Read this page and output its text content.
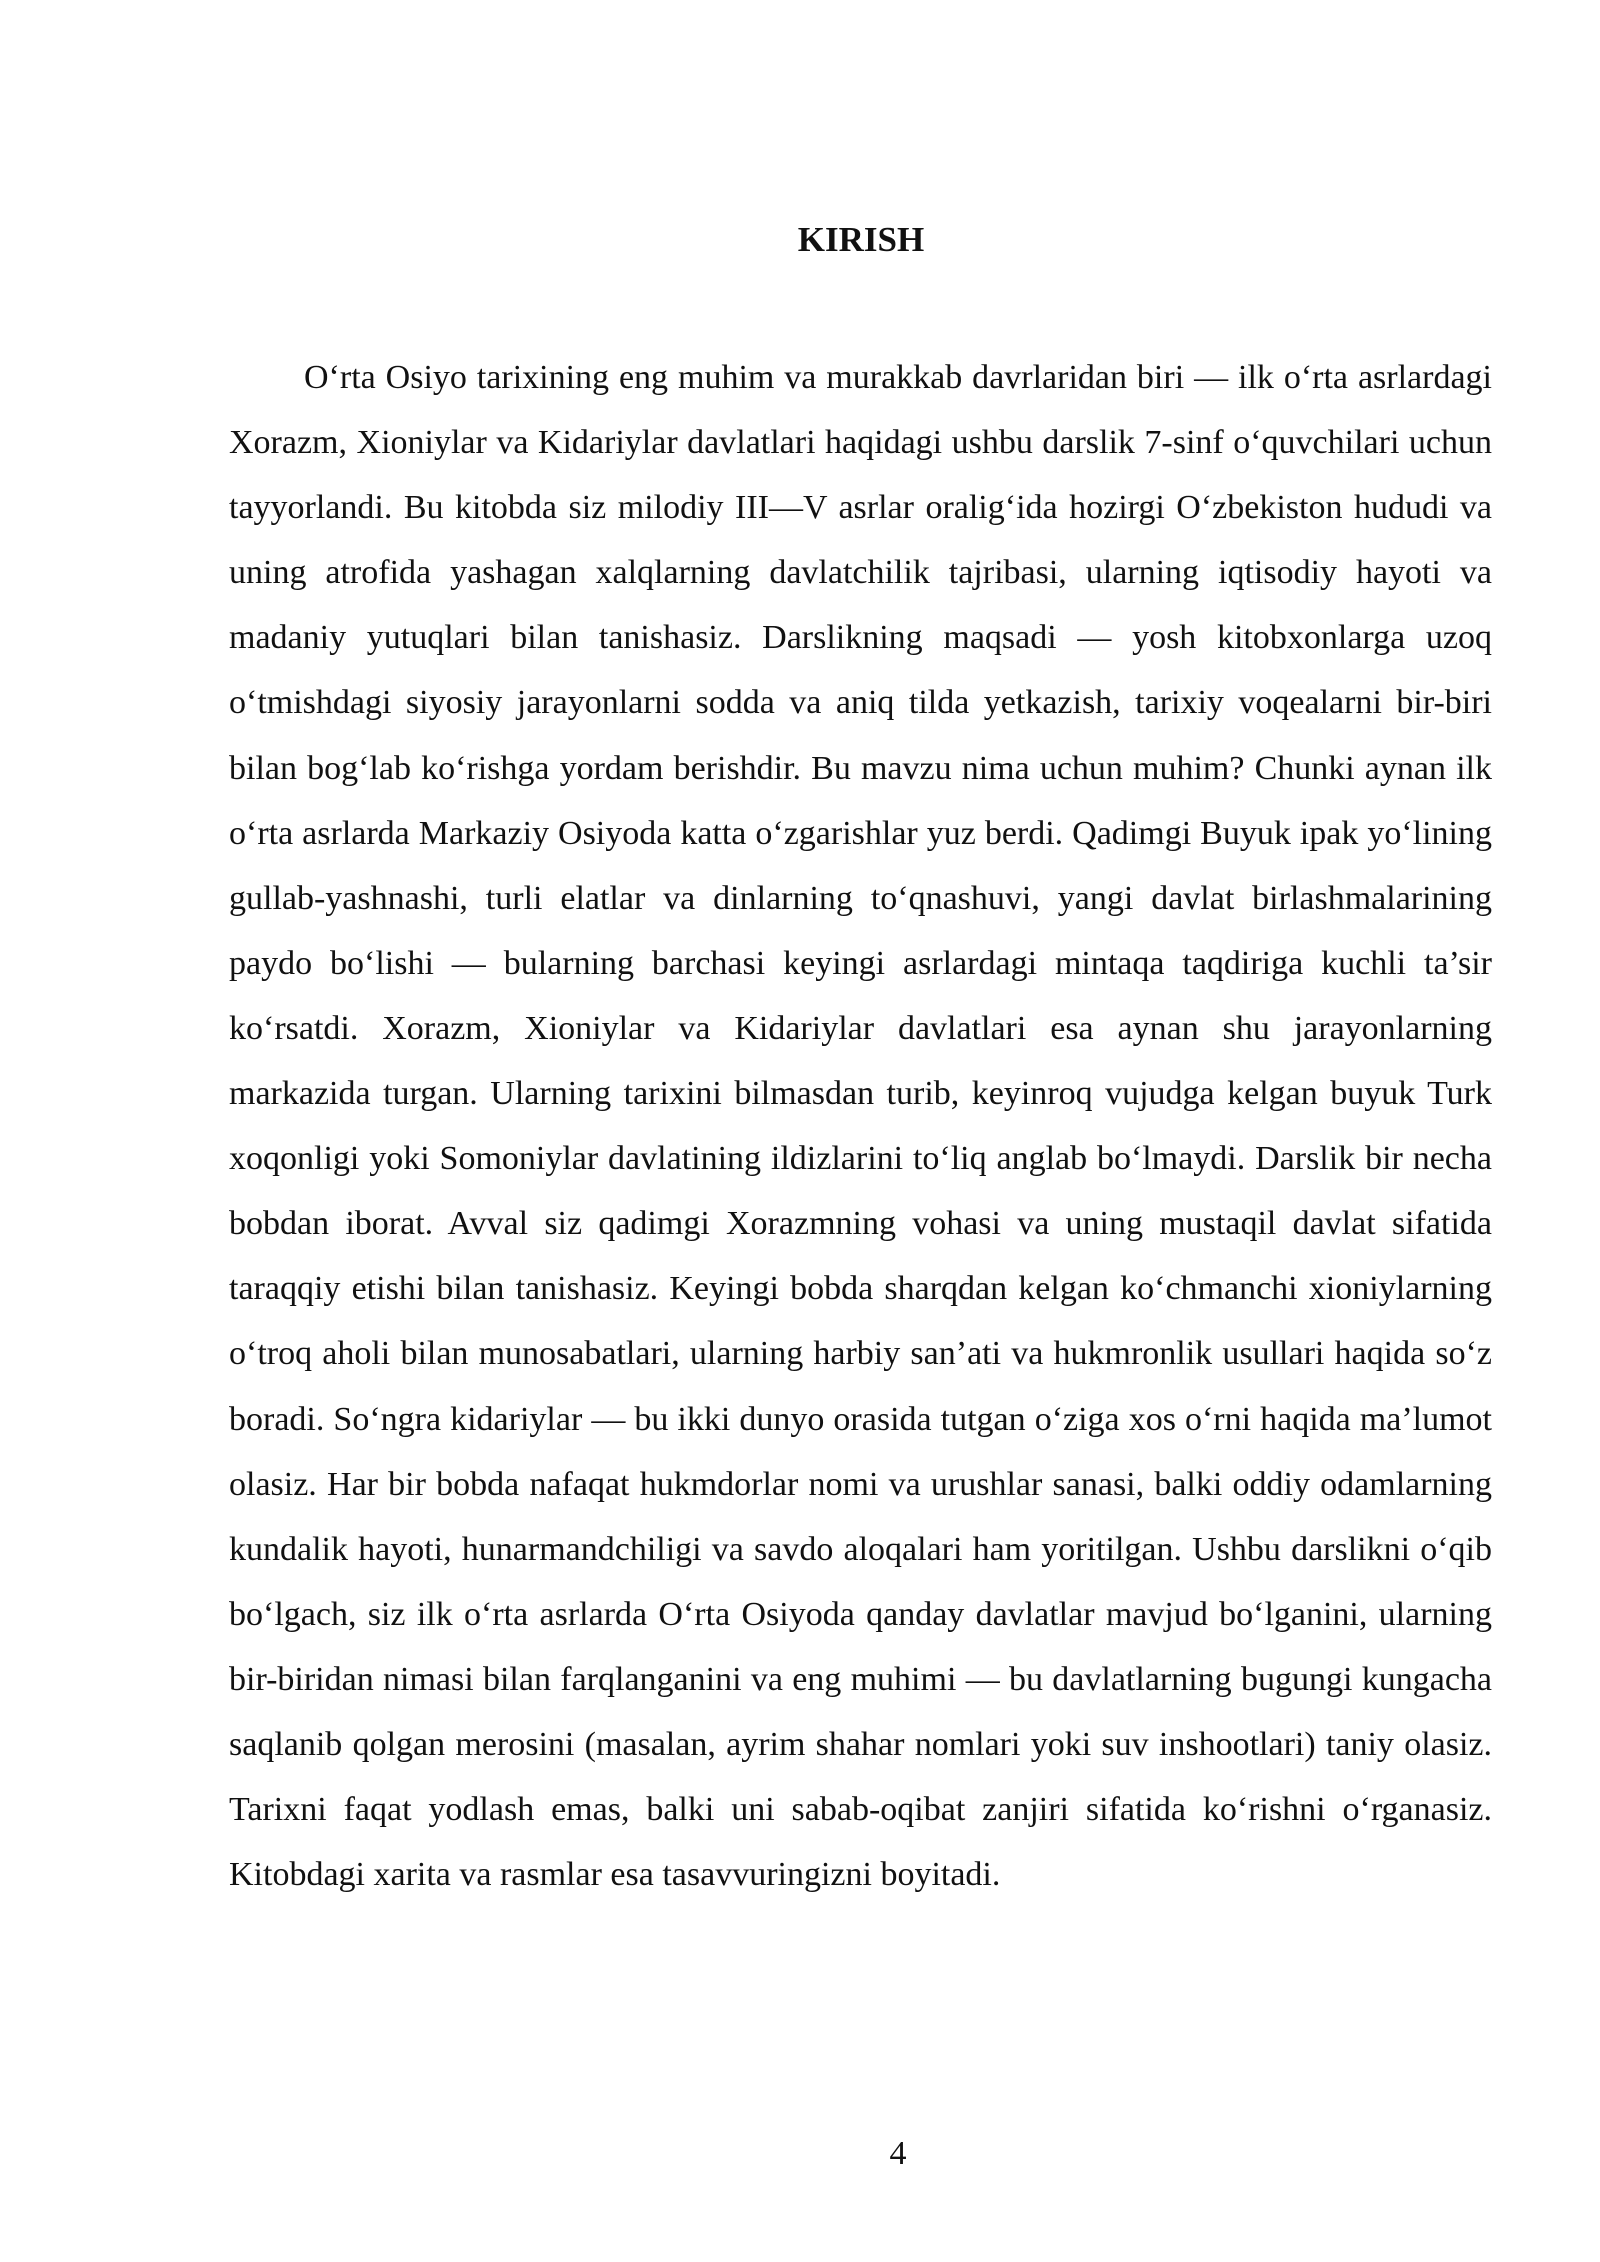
KIRISH

O‘rta Osiyo tarixining eng muhim va murakkab davrlaridan biri — ilk o‘rta asrlardagi Xorazm, Xioniylar va Kidariylar davlatlari haqidagi ushbu darslik 7-sinf o‘quvchilari uchun tayyorlandi. Bu kitobda siz milodiy III—V asrlar oralig‘ida hozirgi O‘zbekiston hududi va uning atrofida yashagan xalqlarning davlatchilik tajribasi, ularning iqtisodiy hayoti va madaniy yutuqlari bilan tanishasiz. Darslikning maqsadi — yosh kitobxonlarga uzoq o‘tmishdagi siyosiy jarayonlarni sodda va aniq tilda yetkazish, tarixiy voqealarni bir-biri bilan bog‘lab ko‘rishga yordam berishdir. Bu mavzu nima uchun muhim? Chunki aynan ilk o‘rta asrlarda Markaziy Osiyoda katta o‘zgarishlar yuz berdi. Qadimgi Buyuk ipak yo‘lining gullab-yashnashi, turli elatlar va dinlarning to‘qnashuvi, yangi davlat birlashmalarining paydo bo‘lishi — bularning barchasi keyingi asrlardagi mintaqa taqdiriga kuchli ta’sir ko‘rsatdi. Xorazm, Xioniylar va Kidariylar davlatlari esa aynan shu jarayonlarning markazida turgan. Ularning tarixini bilmasdan turib, keyinroq vujudga kelgan buyuk Turk xoqonligi yoki Somoniylar davlatining ildizlarini to‘liq anglab bo‘lmaydi. Darslik bir necha bobdan iborat. Avval siz qadimgi Xorazmning vohasi va uning mustaqil davlat sifatida taraqqiy etishi bilan tanishasiz. Keyingi bobda sharqdan kelgan ko‘chmanchi xioniylarning o‘troq aholi bilan munosabatlari, ularning harbiy san’ati va hukmronlik usullari haqida so‘z boradi. So‘ngra kidariylar — bu ikki dunyo orasida tutgan o‘ziga xos o‘rni haqida ma’lumot olasiz. Har bir bobda nafaqat hukmdorlar nomi va urushlar sanasi, balki oddiy odamlarning kundalik hayoti, hunarmandchiligi va savdo aloqalari ham yoritilgan. Ushbu darslikni o‘qib bo‘lgach, siz ilk o‘rta asrlarda O‘rta Osiyoda qanday davlatlar mavjud bo‘lganini, ularning bir-biridan nimasi bilan farqlanganini va eng muhimi — bu davlatlarning bugungi kungacha saqlanib qolgan merosini (masalan, ayrim shahar nomlari yoki suv inshootlari) taniy olasiz. Tarixni faqat yodlash emas, balki uni sabab-oqibat zanjiri sifatida ko‘rishni o‘rganasiz. Kitobdagi xarita va rasmlar esa tasavvuringizni boyitadi.

4
